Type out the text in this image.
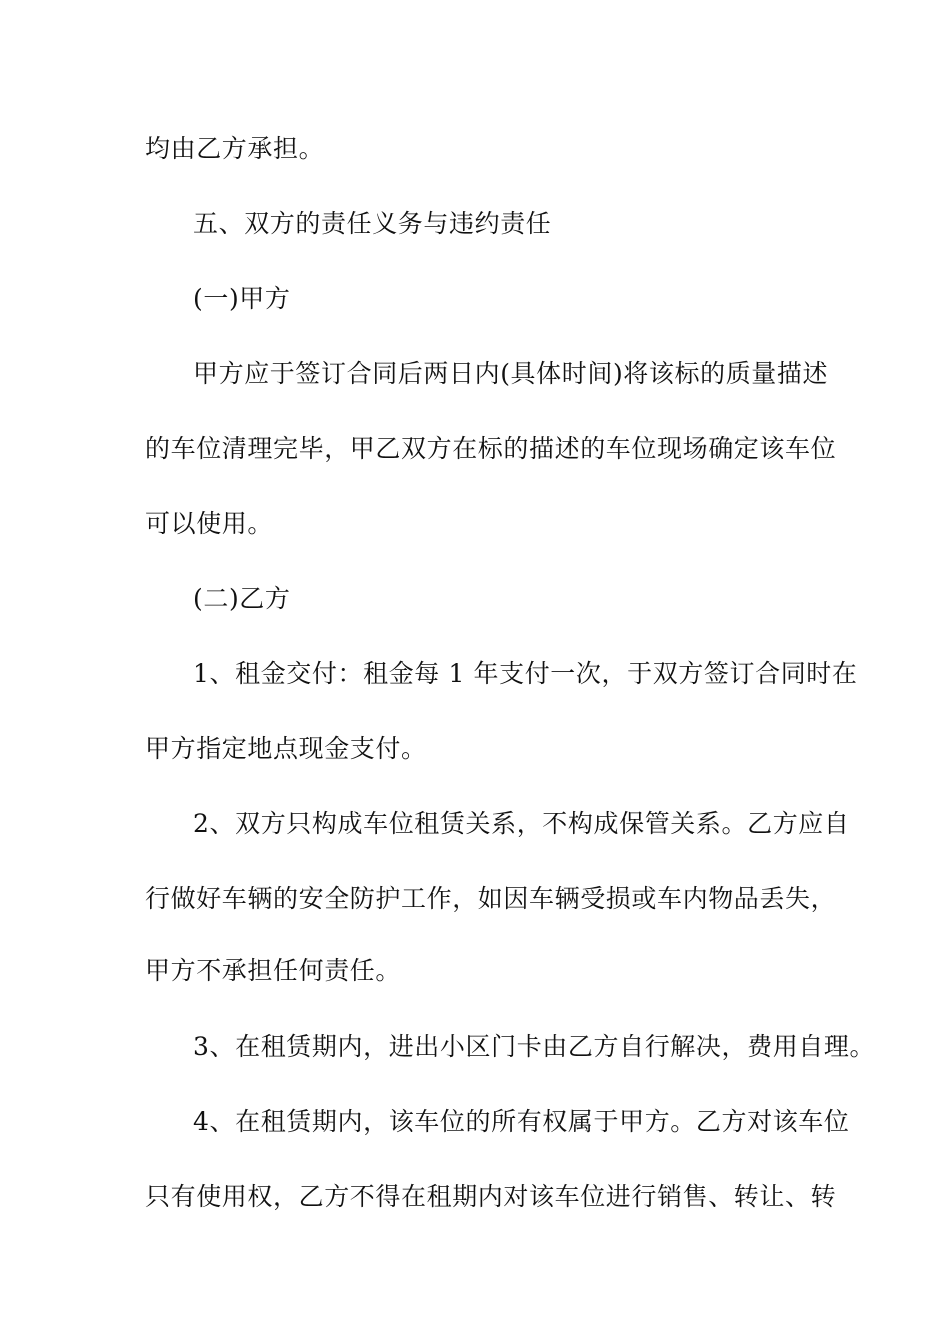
均由乙方承担。
五、双方的责任义务与违约责任
(一)甲方
甲方应于签订合同后两日内(具体时间)将该标的质量描述
的车位清理完毕，甲乙双方在标的描述的车位现场确定该车位
可以使用。
(二)乙方
1、租金交付：租金每 1 年支付一次，于双方签订合同时在
甲方指定地点现金支付。
2、双方只构成车位租赁关系，不构成保管关系。乙方应自
行做好车辆的安全防护工作，如因车辆受损或车内物品丢失，
甲方不承担任何责任。
3、在租赁期内，进出小区门卡由乙方自行解决，费用自理。
4、在租赁期内，该车位的所有权属于甲方。乙方对该车位
只有使用权，乙方不得在租期内对该车位进行销售、转让、转
